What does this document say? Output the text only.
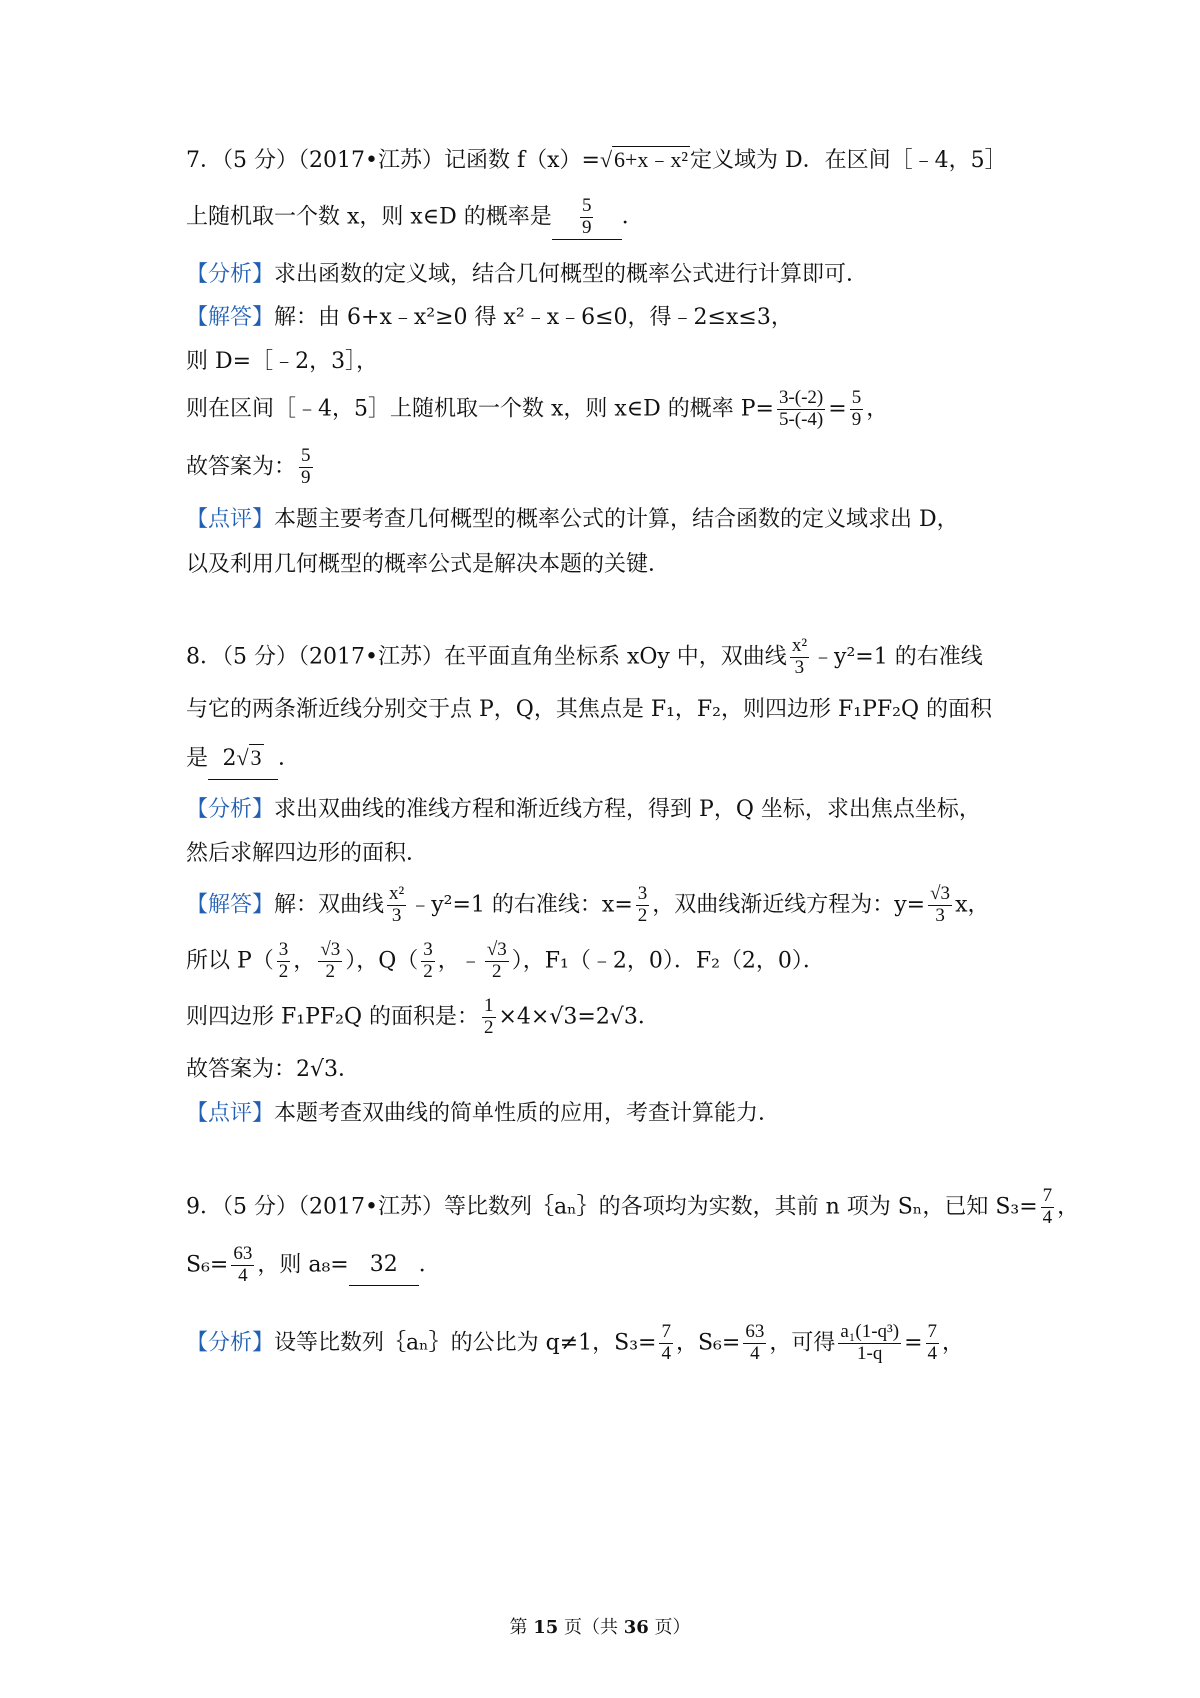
7．（5 分）（2017•江苏）记函数 f（x）=√6+x﹣x²定义域为 D．在区间［﹣4，5］
上随机取一个数 x，则 x∈D 的概率是 $\frac{5}{9}$ ．
【分析】求出函数的定义域，结合几何概型的概率公式进行计算即可．
【解答】解：由 6+x﹣x²≥0 得 x²﹣x﹣6≤0，得﹣2≤x≤3，
则 D=［﹣2，3］，
则在区间［﹣4，5］上随机取一个数 x，则 x∈D 的概率 $P= \frac{3-(-2)}{5-(-4)} = \frac{5}{9}$ ，
故答案为： $\frac{5}{9}$
【点评】本题主要考查几何概型的概率公式的计算，结合函数的定义域求出 D，
以及利用几何概型的概率公式是解决本题的关键．
8．（5 分）（2017•江苏）在平面直角坐标系 xOy 中，双曲线 $\frac{\text{x²}}{3}$ ﹣y²=1 的右准线
与它的两条渐近线分别交于点 P，Q，其焦点是 F₁，F₂，则四边形 F₁PF₂Q 的面积
是 2√3 ．
【分析】求出双曲线的准线方程和渐近线方程，得到 P，Q 坐标，求出焦点坐标，
然后求解四边形的面积．
【解答】解：双曲线 $\frac{\text{x²}}{3}$ ﹣y²=1 的右准线：$x= \frac{3}{2}$ ，双曲线渐近线方程为：$y= \frac{√3}{3}$ x，
所以 $P( \frac{3}{2}$ ， $\frac{√3}{2}$ ），$Q( \frac{3}{2}$ ，﹣ $\frac{√3}{2}$ ），F₁（﹣2，0）．F₂（2，0）．
则四边形 F₁PF₂Q 的面积是： $\frac{1}{2} \times 4\times√3=2√3$．
故答案为：2√3．
【点评】本题考查双曲线的简单性质的应用，考查计算能力．
9．（5 分）（2017•江苏）等比数列｛aₙ｝的各项均为实数，其前 n 项为 Sₙ，已知 $S_3= \frac{7}{4}$ ，
$S_6= \frac{63}{4}$ ，则 a₈= 32 ．
【分析】设等比数列｛aₙ｝的公比为 q≠1，$S_3= \frac{7}{4}$ ，$S_6= \frac{63}{4}$ ，可得 $\frac{\text{a₁(1-q³)}}{1-q} = \frac{7}{4}$ ，
第 15 页（共 36 页）
